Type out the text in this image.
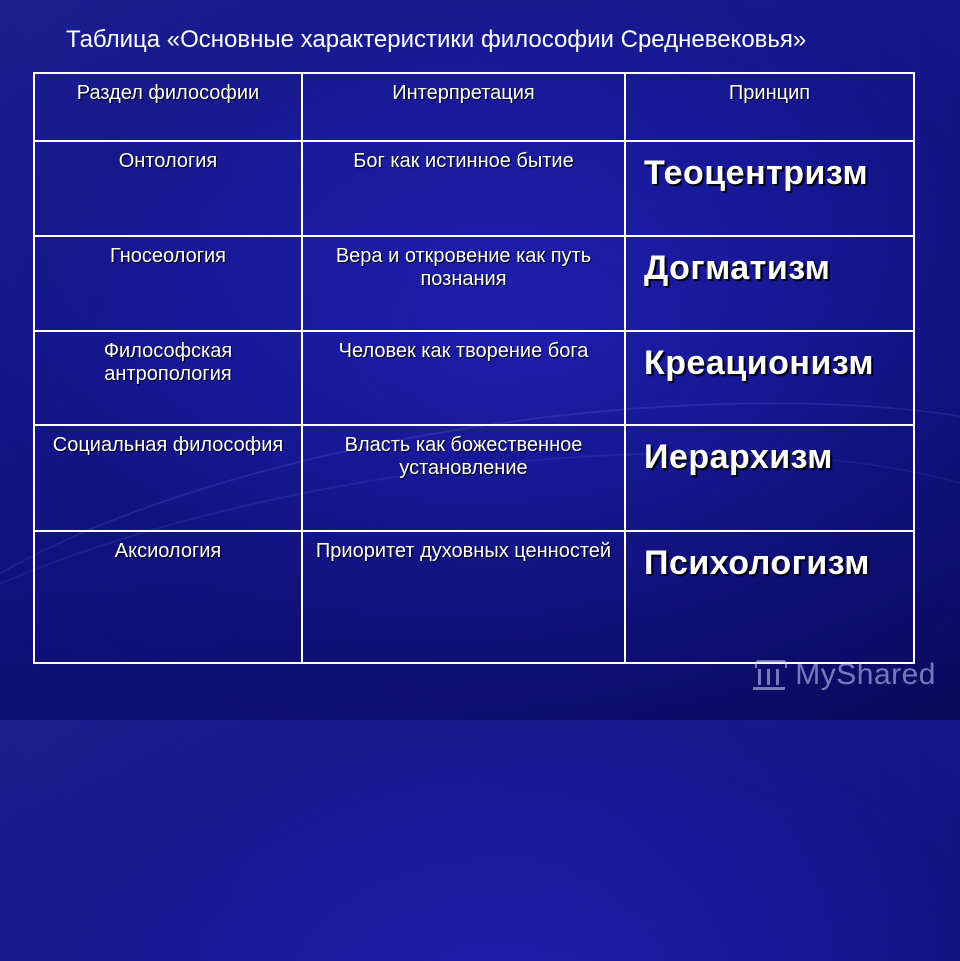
Таблица «Основные характеристики философии Средневековья»
Раздел философии	Интерпретация	Принцип
Онтология	Бог как истинное бытие	Теоцентризм
Гносеология	Вера и откровение как путь познания	Догматизм
Философская антропология	Человек как творение бога	Креационизм
Социальная философия	Власть как божественное установление	Иерархизм
Аксиология	Приоритет духовных ценностей	Психологизм
MyShared
